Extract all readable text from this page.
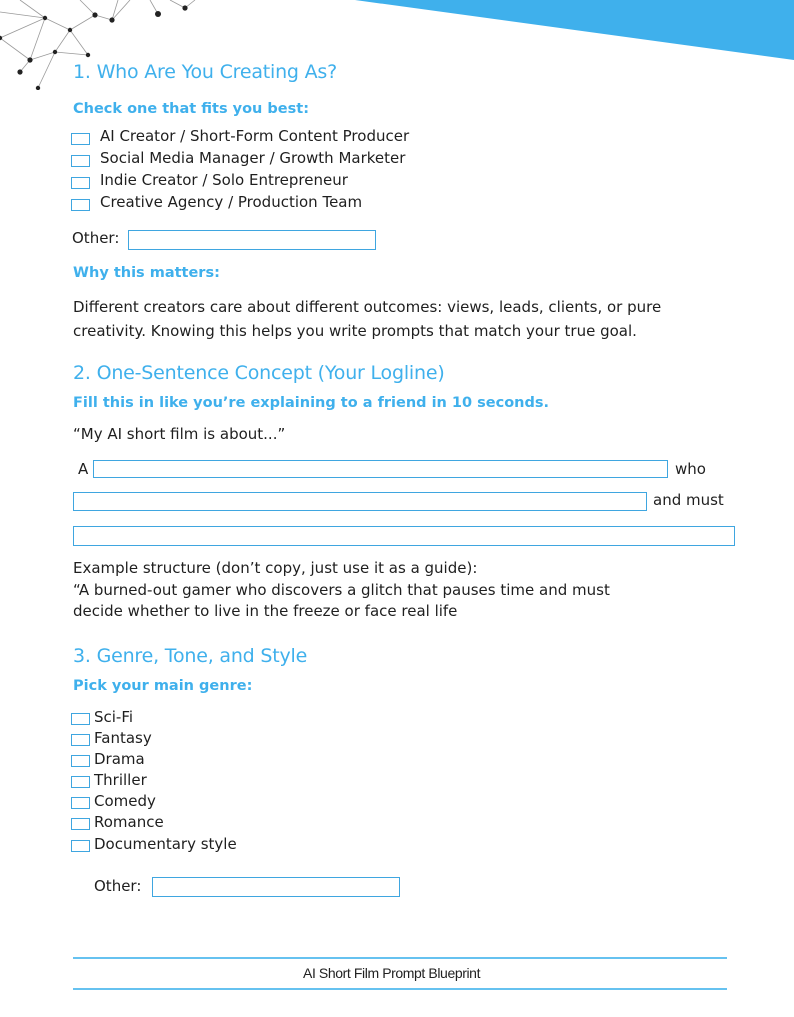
1. Who Are You Creating As?
Check one that fits you best:
AI Creator / Short-Form Content Producer
Social Media Manager / Growth Marketer
Indie Creator / Solo Entrepreneur
Creative Agency / Production Team
Other:
Why this matters:
Different creators care about different outcomes: views, leads, clients, or pure
creativity. Knowing this helps you write prompts that match your true goal.
2. One-Sentence Concept (Your Logline)
Fill this in like you’re explaining to a friend in 10 seconds.
“My AI short film is about...”
A	who
and must
Example structure (don’t copy, just use it as a guide):
“A burned-out gamer who discovers a glitch that pauses time and must
decide whether to live in the freeze or face real life
3. Genre, Tone, and Style
Pick your main genre:
Sci-Fi
Fantasy
Drama
Thriller
Comedy
Romance
Documentary style
Other:
AI Short Film Prompt Blueprint
